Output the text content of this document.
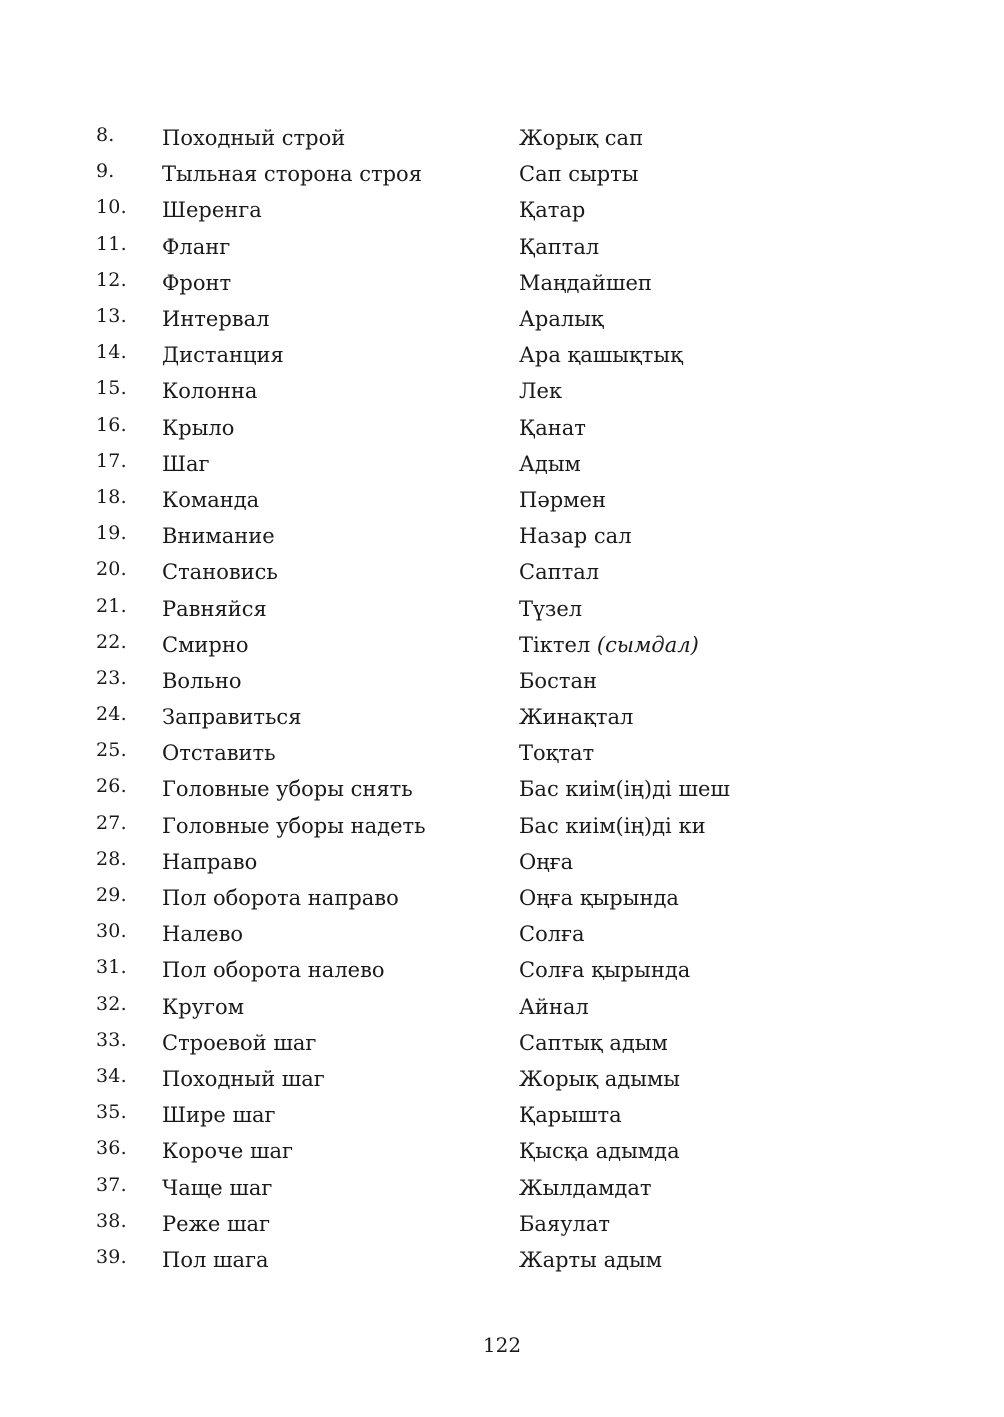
8.	Походный строй	Жорық сап
9.	Тыльная сторона строя	Сап сырты
10.	Шеренга	Қатар
11.	Фланг	Қаптал
12.	Фронт	Маңдайшеп
13.	Интервал	Аралық
14.	Дистанция	Ара қашықтық
15.	Колонна	Лек
16.	Крыло	Қанат
17.	Шаг	Адым
18.	Команда	Пәрмен
19.	Внимание	Назар сал
20.	Становись	Саптал
21.	Равняйся	Түзел
22.	Смирно	Тіктел (сымдал)
23.	Вольно	Бостан
24.	Заправиться	Жинақтал
25.	Отставить	Тоқтат
26.	Головные уборы снять	Бас киім(ің)ді шеш
27.	Головные уборы надеть	Бас киім(ің)ді ки
28.	Направо	Оңға
29.	Пол оборота направо	Оңға қырында
30.	Налево	Солға
31.	Пол оборота налево	Солға қырында
32.	Кругом	Айнал
33.	Строевой шаг	Саптық адым
34.	Походный шаг	Жорық адымы
35.	Шире шаг	Қарышта
36.	Короче шаг	Қысқа адымда
37.	Чаще шаг	Жылдамдат
38.	Реже шаг	Баяулат
39.	Пол шага	Жарты адым
122
